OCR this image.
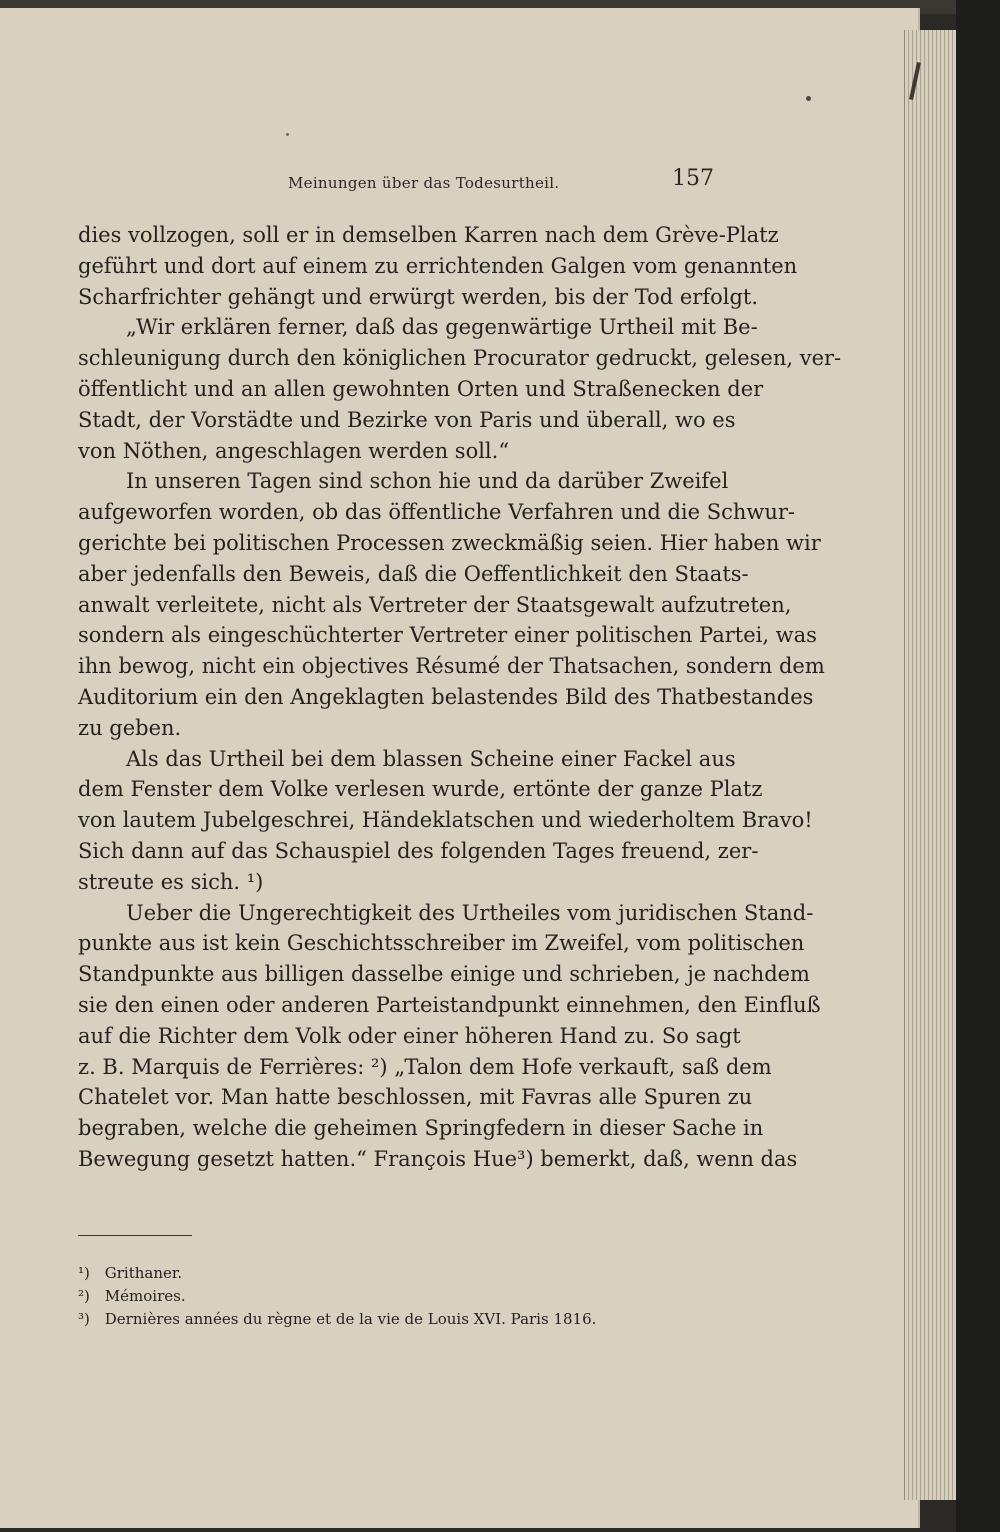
Meinungen über das Todesurtheil.	157
dies vollzogen, soll er in demselben Karren nach dem Grève-Platz
geführt und dort auf einem zu errichtenden Galgen vom genannten
Scharfrichter gehängt und erwürgt werden, bis der Tod erfolgt.
„Wir erklären ferner, daß das gegenwärtige Urtheil mit Be-
schleunigung durch den königlichen Procurator gedruckt, gelesen, ver-
öffentlicht und an allen gewohnten Orten und Straßenecken der
Stadt, der Vorstädte und Bezirke von Paris und überall, wo es
von Nöthen, angeschlagen werden soll.“
In unseren Tagen sind schon hie und da darüber Zweifel
aufgeworfen worden, ob das öffentliche Verfahren und die Schwur-
gerichte bei politischen Processen zweckmäßig seien. Hier haben wir
aber jedenfalls den Beweis, daß die Oeffentlichkeit den Staats-
anwalt verleitete, nicht als Vertreter der Staatsgewalt aufzutreten,
sondern als eingeschüchterter Vertreter einer politischen Partei, was
ihn bewog, nicht ein objectives Résumé der Thatsachen, sondern dem
Auditorium ein den Angeklagten belastendes Bild des Thatbestandes
zu geben.
Als das Urtheil bei dem blassen Scheine einer Fackel aus
dem Fenster dem Volke verlesen wurde, ertönte der ganze Platz
von lautem Jubelgeschrei, Händeklatschen und wiederholtem Bravo!
Sich dann auf das Schauspiel des folgenden Tages freuend, zer-
streute es sich. ¹)
Ueber die Ungerechtigkeit des Urtheiles vom juridischen Stand-
punkte aus ist kein Geschichtsschreiber im Zweifel, vom politischen
Standpunkte aus billigen dasselbe einige und schrieben, je nachdem
sie den einen oder anderen Parteistandpunkt einnehmen, den Einfluß
auf die Richter dem Volk oder einer höheren Hand zu. So sagt
z. B. Marquis de Ferrières: ²) „Talon dem Hofe verkauft, saß dem
Chatelet vor. Man hatte beschlossen, mit Favras alle Spuren zu
begraben, welche die geheimen Springfedern in dieser Sache in
Bewegung gesetzt hatten.“ François Hue³) bemerkt, daß, wenn das
¹) Grithaner.
²) Mémoires.
³) Dernières années du règne et de la vie de Louis XVI. Paris 1816.
